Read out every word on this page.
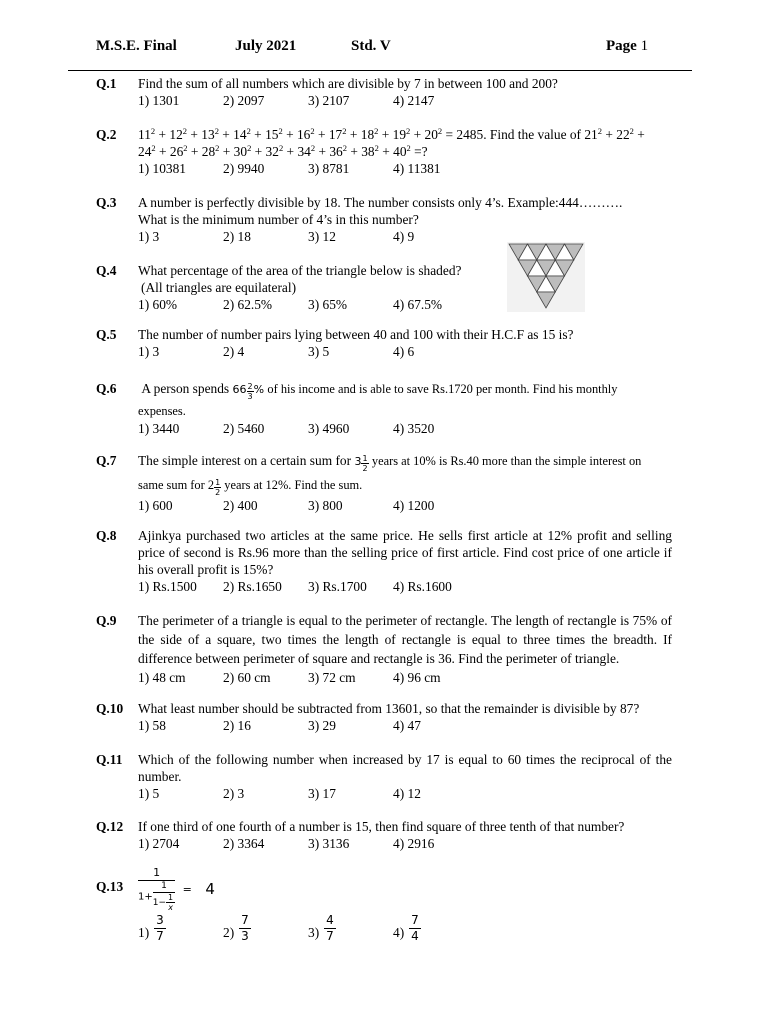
M.S.E. Final	July 2021	Std. V	Page 1
Q.1 Find the sum of all numbers which are divisible by 7 in between 100 and 200?

1) 1301	2) 2097	3) 2107	4) 2147
Q.2 $11^2 + 12^2 + 13^2 + 14^2 + 15^2 + 16^2 + 17^2 + 18^2 + 19^2 + 20^2 = 2485$. Find the value of $21^2 + 22^2$ +

$24^2 + 26^2 + 28^2 + 30^2 + 32^2 + 34^2 + 36^2 + 38^2 + 40^2$ =?

1) 10381	2) 9940	3) 8781	4) 11381
Q.3 A number is perfectly divisible by 18. The number consists only 4’s. Example:444……….

What is the minimum number of 4’s in this number?

1) 3	2) 18	3) 12	4) 9
Q.4 What percentage of the area of the triangle below is shaded?

(All triangles are equilateral)

1) 60%	2) 62.5%	3) 65%	4) 67.5%
Q.5 The number of number pairs lying between 40 and 100 with their H.C.F as 15 is?

1) 3	2) 4	3) 5	4) 6
Q.6 A person spends $66 \frac{2}{3}$ % of his income and is able to save Rs.1720 per month. Find his monthly

expenses.

1) 3440	2) 5460	3) 4960	4) 3520
Q.7 The simple interest on a certain sum for $3 \frac{1}{2}$ years at 10% is Rs.40 more than the simple interest on

same sum for $2 \frac{1}{2}$ years at 12%. Find the sum.

1) 600	2) 400	3) 800	4) 1200
Q.8 Ajinkya purchased two articles at the same price. He sells first article at 12% profit and selling price of second is Rs.96 more than the selling price of first article. Find cost price of one article if his overall profit is 15%?

1) Rs.1500 2) Rs.1650 3) Rs.1700 4) Rs.1600
Q.9 The perimeter of a triangle is equal to the perimeter of rectangle. The length of rectangle is 75% of the side of a square, two times the length of rectangle is equal to three times the breadth. If difference between perimeter of square and rectangle is 36. Find the perimeter of triangle.

1) 48 cm	2) 60 cm	3) 72 cm	4) 96 cm
Q.10 What least number should be subtracted from 13601, so that the remainder is divisible by 87?

1) 58	2) 16	3) 29	4) 47
Q.11 Which of the following number when increased by 17 is equal to 60 times the reciprocal of the number.

1) 5	2) 3	3) 17	4) 12
Q.12 If one third of one fourth of a number is 15, then find square of three tenth of that number?

1) 2704	2) 3364	3) 3136	4) 2916
$Q.13 \frac{1}{1+ \frac{1}{1- \frac{1}{x}}} = 4$
$1) \frac{3}{7}$	$2) \frac{7}{3}$	$3) \frac{4}{7}$	$4) \frac{7}{4}$
